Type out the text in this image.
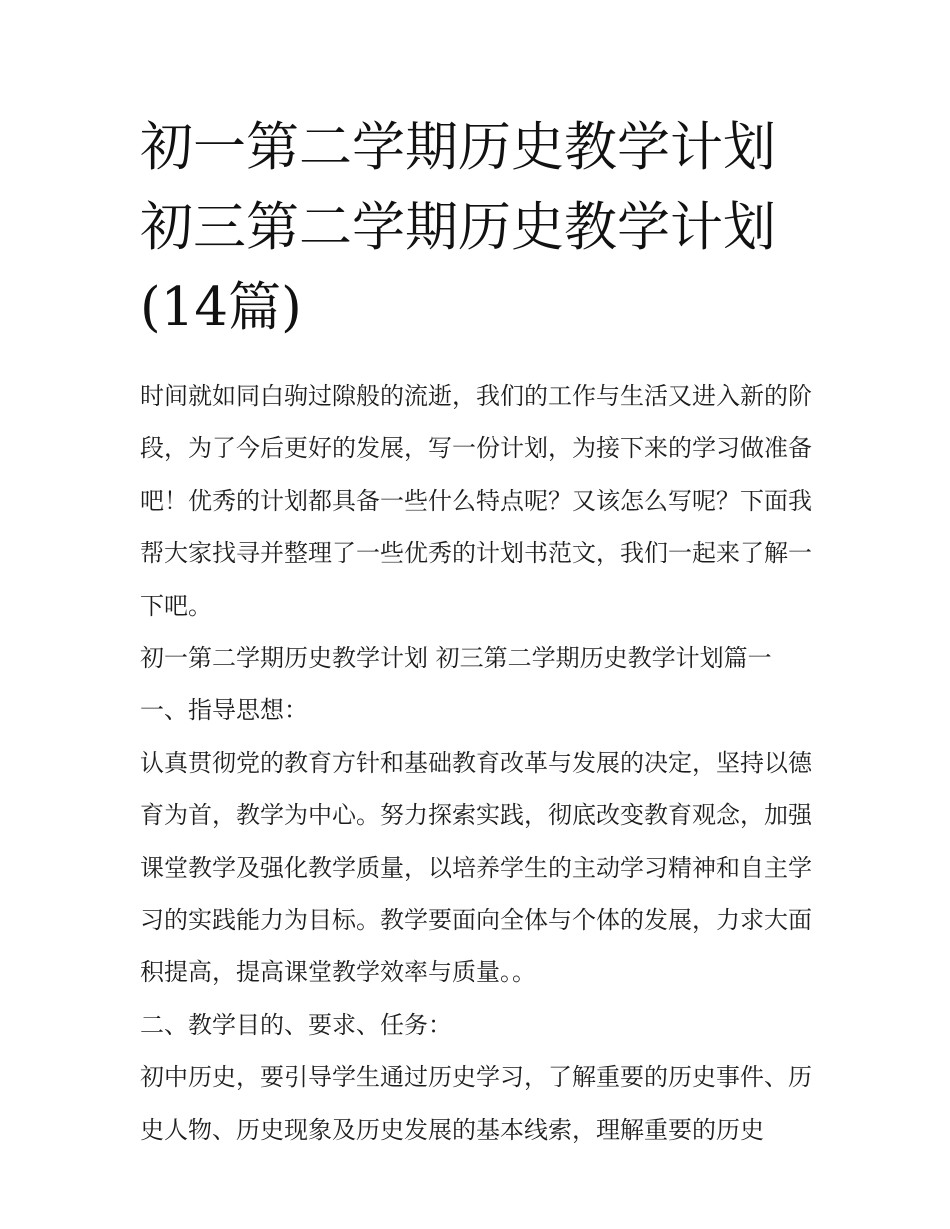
初一第二学期历史教学计划 初三第二学期历史教学计划(14篇)

时间就如同白驹过隙般的流逝，我们的工作与生活又进入新的阶段，为了今后更好的发展，写一份计划，为接下来的学习做准备吧！优秀的计划都具备一些什么特点呢？又该怎么写呢？下面我帮大家找寻并整理了一些优秀的计划书范文，我们一起来了解一下吧。

初一第二学期历史教学计划 初三第二学期历史教学计划篇一

一、指导思想：

认真贯彻党的教育方针和基础教育改革与发展的决定，坚持以德育为首，教学为中心。努力探索实践，彻底改变教育观念，加强课堂教学及强化教学质量，以培养学生的主动学习精神和自主学习的实践能力为目标。教学要面向全体与个体的发展，力求大面积提高，提高课堂教学效率与质量。。

二、教学目的、要求、任务：

初中历史，要引导学生通过历史学习，了解重要的历史事件、历史人物、历史现象及历史发展的基本线索，理解重要的历史
